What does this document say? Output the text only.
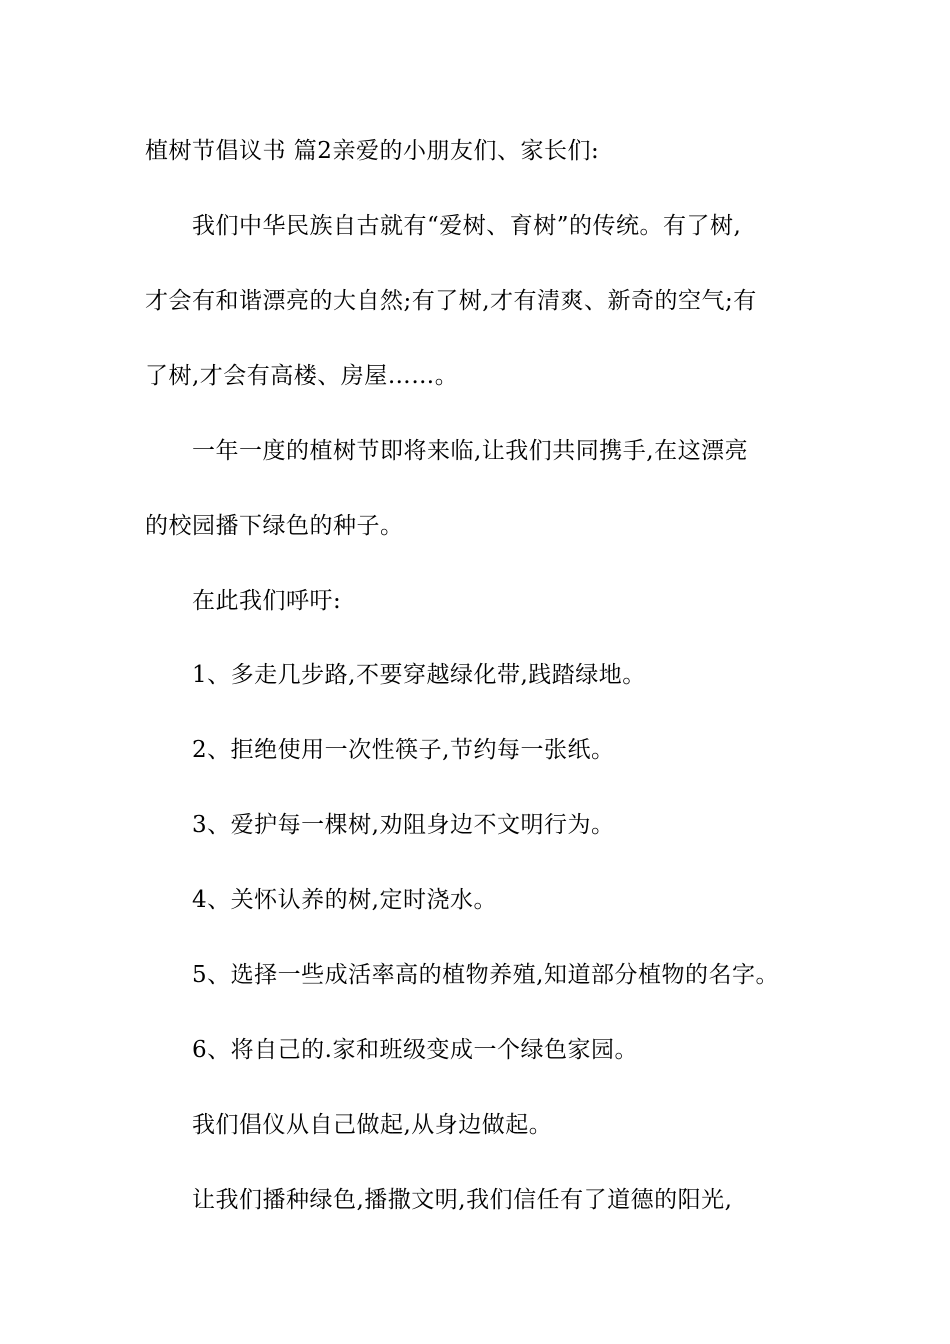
植树节倡议书 篇2亲爱的小朋友们、家长们:
我们中华民族自古就有“爱树、育树”的传统。有了树,
才会有和谐漂亮的大自然;有了树,才有清爽、新奇的空气;有
了树,才会有高楼、房屋……。
一年一度的植树节即将来临,让我们共同携手,在这漂亮
的校园播下绿色的种子。
在此我们呼吁:
1、多走几步路,不要穿越绿化带,践踏绿地。
2、拒绝使用一次性筷子,节约每一张纸。
3、爱护每一棵树,劝阻身边不文明行为。
4、关怀认养的树,定时浇水。
5、选择一些成活率高的植物养殖,知道部分植物的名字。
6、将自己的.家和班级变成一个绿色家园。
我们倡仪从自己做起,从身边做起。
让我们播种绿色,播撒文明,我们信任有了道德的阳光,
